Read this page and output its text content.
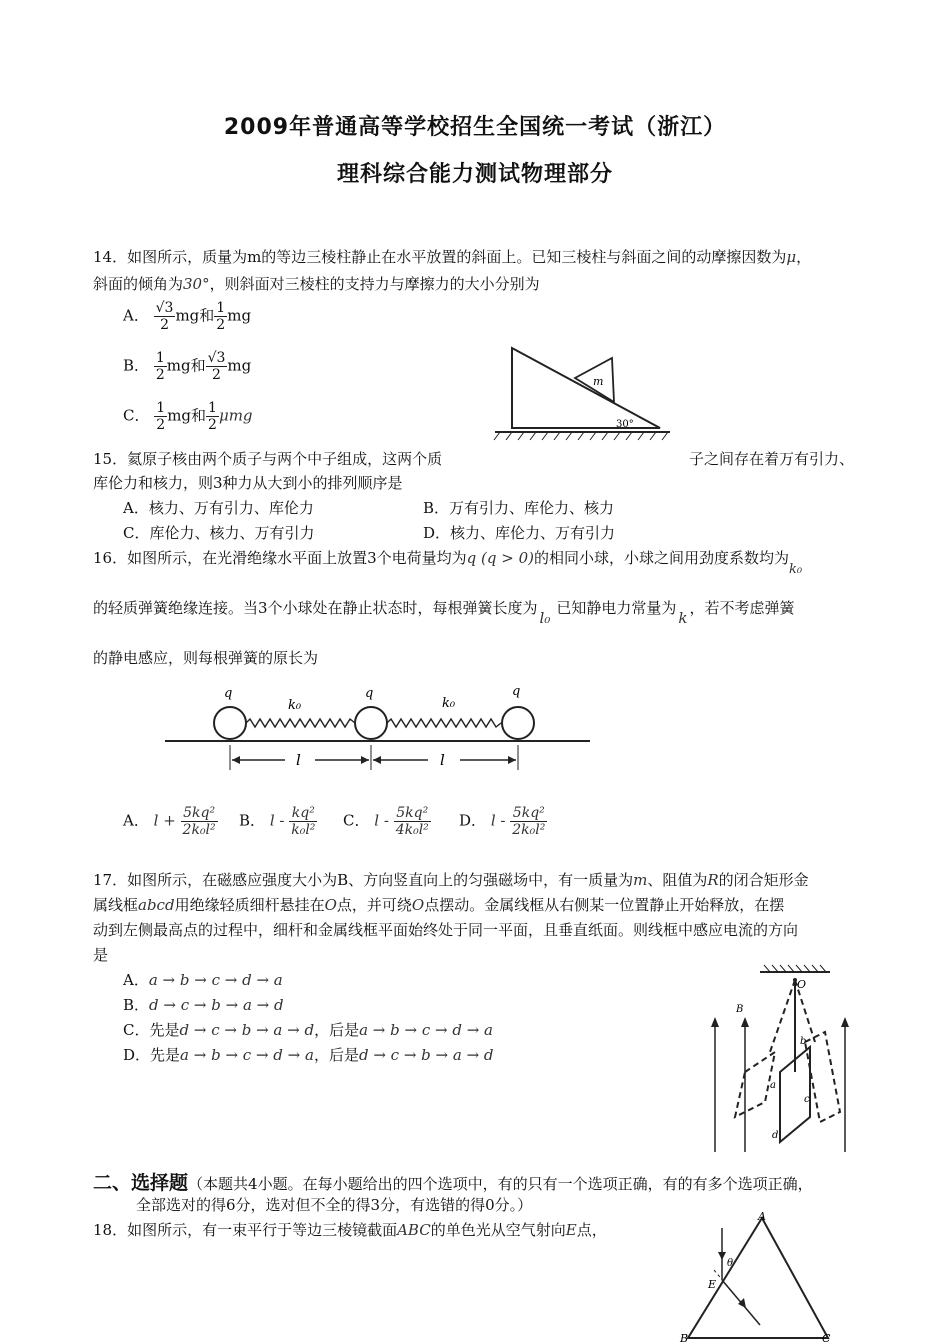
2009年普通高等学校招生全国统一考试（浙江）
理科综合能力测试物理部分
14．如图所示，质量为m的等边三棱柱静止在水平放置的斜面上。已知三棱柱与斜面之间的动摩擦因数为μ，
斜面的倾角为30°，则斜面对三棱柱的支持力与摩擦力的大小分别为
A． $\frac{√3}{2}$ mg和 $\frac{1}{2}$ mg
B． $\frac{1}{2}$ mg和 $\frac{√3}{2}$ mg
C． $\frac{1}{2}$ mg和 $\frac{1}{2}$ μmg
m
30°
15．氦原子核由两个质子与两个中子组成，这两个质	子之间存在着万有引力、
库伦力和核力，则3种力从大到小的排列顺序是
A．核力、万有引力、库伦力	B．万有引力、库伦力、核力
C．库伦力、核力、万有引力	D．核力、库伦力、万有引力
16．如图所示，在光滑绝缘水平面上放置3个电荷量均为q (q > 0)的相同小球，小球之间用劲度系数均为k₀
的轻质弹簧绝缘连接。当3个小球处在静止状态时，每根弹簧长度为l₀已知静电力常量为k，若不考虑弹簧
的静电感应，则每根弹簧的原长为
q	q	q
k₀	k₀
l	l
A． $l + \frac{\text{5kq²}}{\text{2k₀l²}}$ B． l - $\frac{\text{kq²}}{\text{k₀l²}}$ C． l - $\frac{\text{5kq²}}{\text{4k₀l²}}$ D． l - $\frac{\text{5kq²}}{\text{2k₀l²}}$
17．如图所示，在磁感应强度大小为B、方向竖直向上的匀强磁场中，有一质量为m、阻值为R的闭合矩形金
属线框abcd用绝缘轻质细杆悬挂在O点，并可绕O点摆动。金属线框从右侧某一位置静止开始释放，在摆
动到左侧最高点的过程中，细杆和金属线框平面始终处于同一平面，且垂直纸面。则线框中感应电流的方向
是
A．a → b → c → d → a
B．d → c → b → a → d
C．先是d → c → b → a → d，后是a → b → c → d → a
D．先是a → b → c → d → a，后是d → c → b → a → d
O
B
b
a
c
d
二、选择题（本题共4小题。在每小题给出的四个选项中，有的只有一个选项正确，有的有多个选项正确，
全部选对的得6分，选对但不全的得3分，有选错的得0分。）
18．如图所示，有一束平行于等边三棱镜截面ABC的单色光从空气射向E点，
A
B	C
θ
E
